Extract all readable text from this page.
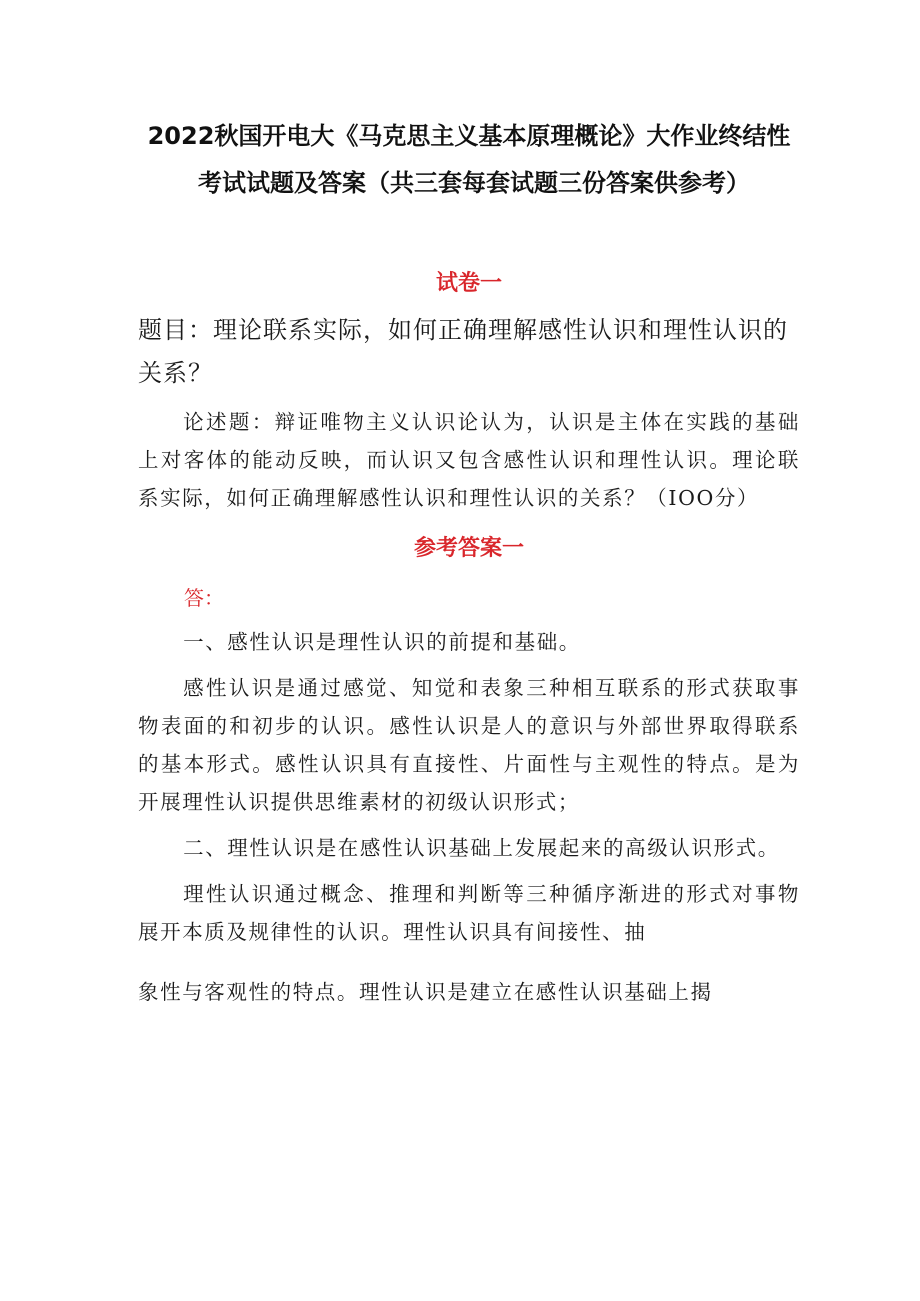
2022秋国开电大《马克思主义基本原理概论》大作业终结性
考试试题及答案（共三套每套试题三份答案供参考）
试卷一

题目：理论联系实际，如何正确理解感性认识和理性认识的关系？

论述题：辩证唯物主义认识论认为，认识是主体在实践的基础上对客体的能动反映，而认识又包含感性认识和理性认识。理论联系实际，如何正确理解感性认识和理性认识的关系？（IOO分）

参考答案一

答：

一、感性认识是理性认识的前提和基础。

感性认识是通过感觉、知觉和表象三种相互联系的形式获取事物表面的和初步的认识。感性认识是人的意识与外部世界取得联系的基本形式。感性认识具有直接性、片面性与主观性的特点。是为开展理性认识提供思维素材的初级认识形式；

二、理性认识是在感性认识基础上发展起来的高级认识形式。

理性认识通过概念、推理和判断等三种循序渐进的形式对事物展开本质及规律性的认识。理性认识具有间接性、抽

象性与客观性的特点。理性认识是建立在感性认识基础上揭
